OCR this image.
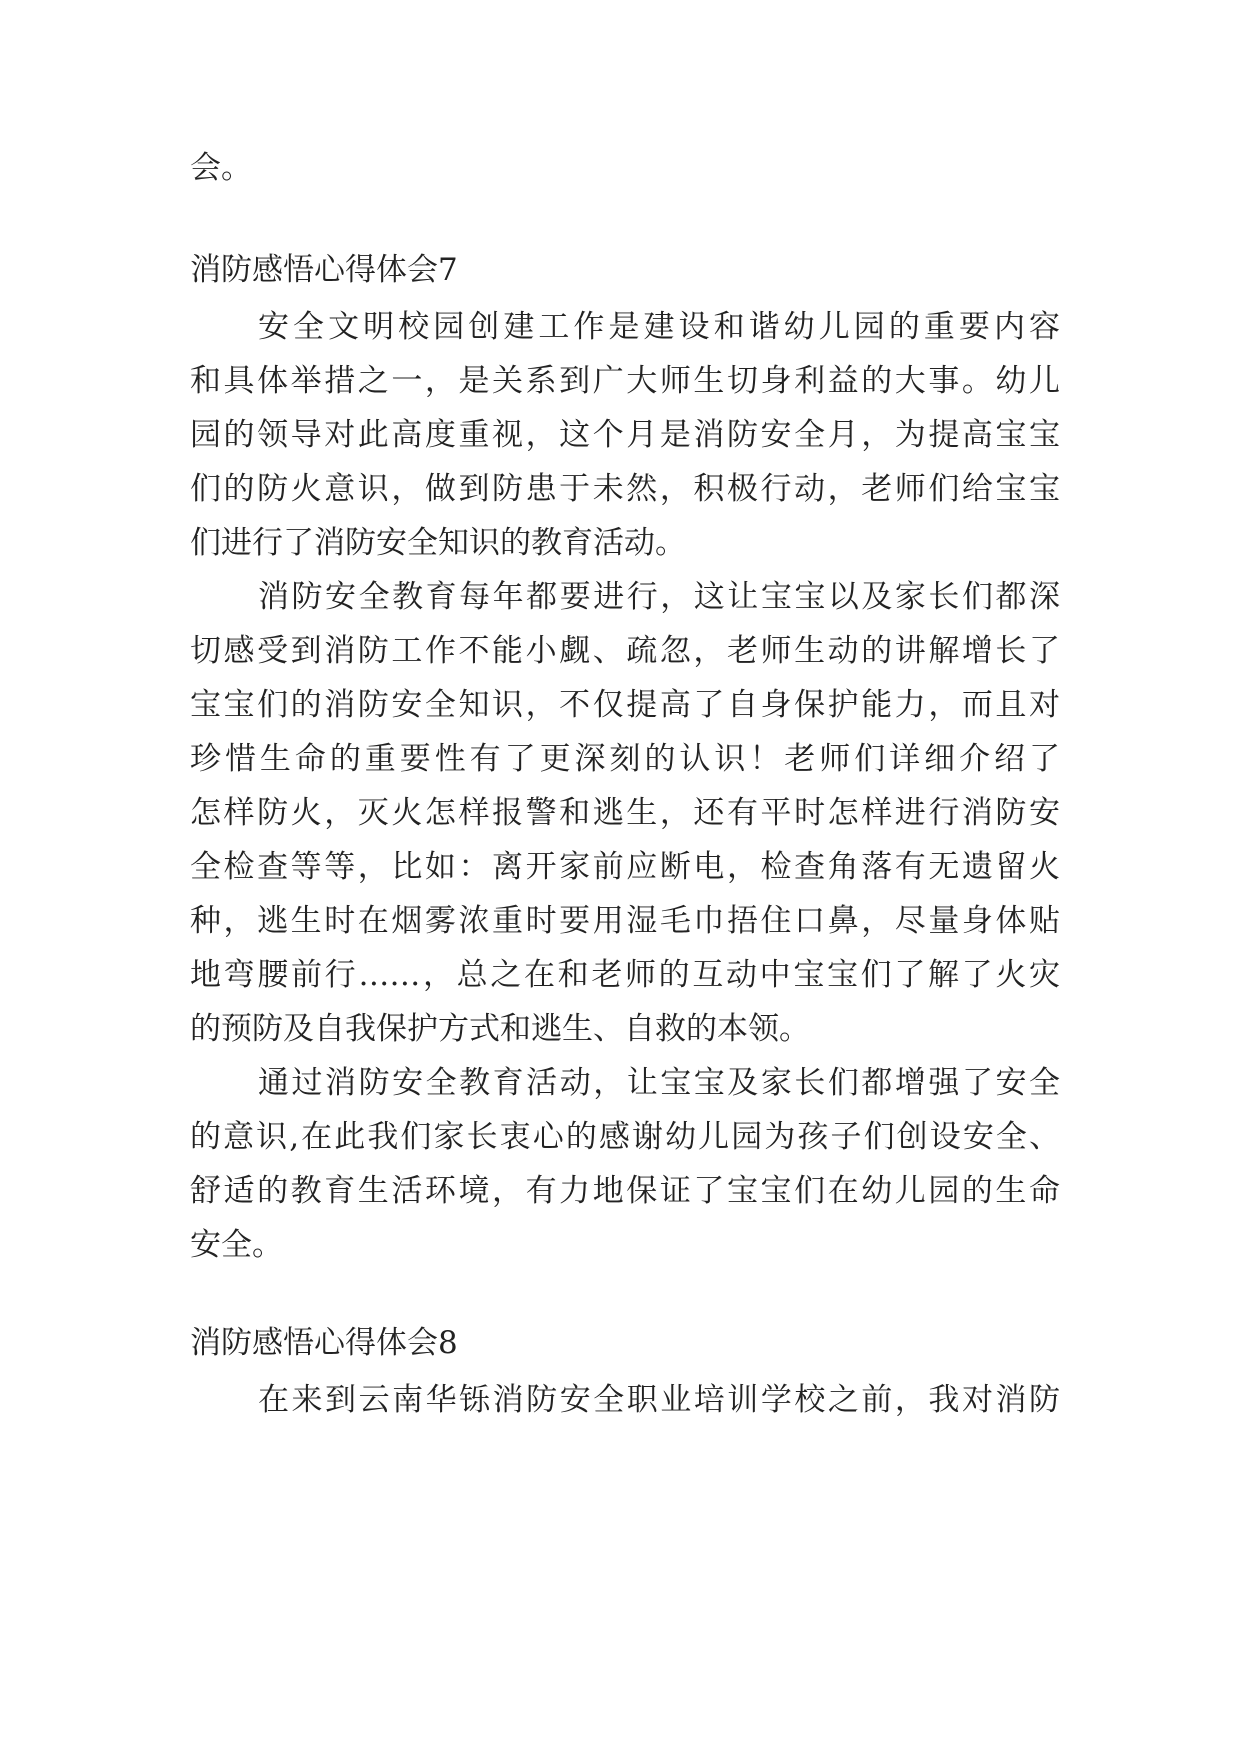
会。
消防感悟心得体会7
安全文明校园创建工作是建设和谐幼儿园的重要内容
和具体举措之一，是关系到广大师生切身利益的大事。幼儿
园的领导对此高度重视，这个月是消防安全月，为提高宝宝
们的防火意识，做到防患于未然，积极行动，老师们给宝宝
们进行了消防安全知识的教育活动。
消防安全教育每年都要进行，这让宝宝以及家长们都深
切感受到消防工作不能小觑、疏忽，老师生动的讲解增长了
宝宝们的消防安全知识，不仅提高了自身保护能力，而且对
珍惜生命的重要性有了更深刻的认识！老师们详细介绍了
怎样防火，灭火怎样报警和逃生，还有平时怎样进行消防安
全检查等等，比如：离开家前应断电，检查角落有无遗留火
种，逃生时在烟雾浓重时要用湿毛巾捂住口鼻，尽量身体贴
地弯腰前行……，总之在和老师的互动中宝宝们了解了火灾
的预防及自我保护方式和逃生、自救的本领。
通过消防安全教育活动，让宝宝及家长们都增强了安全
的意识,在此我们家长衷心的感谢幼儿园为孩子们创设安全、
舒适的教育生活环境，有力地保证了宝宝们在幼儿园的生命
安全。
消防感悟心得体会8
在来到云南华铄消防安全职业培训学校之前，我对消防
